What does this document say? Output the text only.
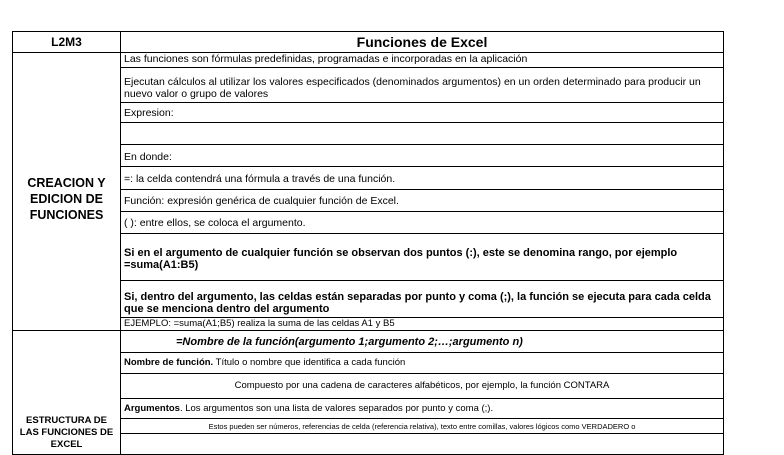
L2M3	Funciones de Excel
CREACION Y EDICION DE FUNCIONES	Las funciones son fórmulas predefinidas, programadas e incorporadas en la aplicación
	Ejecutan cálculos al utilizar los valores especificados (denominados argumentos) en un orden determinado para producir un nuevo valor o grupo de valores
	Expresion:

	En donde:
	=: la celda contendrá una fórmula a través de una función.
	Función: expresión genérica de cualquier función de Excel.
	( ): entre ellos, se coloca el argumento.
	Si en el argumento de cualquier función se observan dos puntos (:), este se denomina rango, por ejemplo =suma(A1:B5)
	Si, dentro del argumento, las celdas están separadas por punto y coma (;), la función se ejecuta para cada celda que se menciona dentro del argumento
	EJEMPLO: =suma(A1;B5) realiza la suma de las celdas A1 y B5
ESTRUCTURA DE LAS FUNCIONES DE EXCEL	=Nombre de la función(argumento 1;argumento 2;…;argumento n)
	Nombre de función. Título o nombre que identifica a cada función
	Compuesto por una cadena de caracteres alfabéticos, por ejemplo, la función CONTARA
	Argumentos. Los argumentos son una lista de valores separados por punto y coma (;).
	Estos pueden ser números, referencias de celda (referencia relativa), texto entre comillas, valores lógicos como VERDADERO o
